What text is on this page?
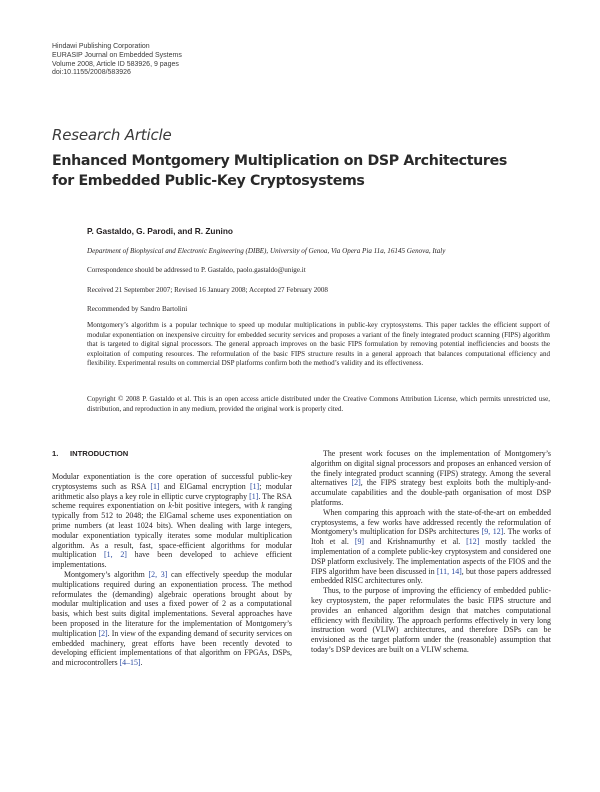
Hindawi Publishing Corporation
EURASIP Journal on Embedded Systems
Volume 2008, Article ID 583926, 9 pages
doi:10.1155/2008/583926
Research Article
Enhanced Montgomery Multiplication on DSP Architectures
for Embedded Public-Key Cryptosystems
P. Gastaldo, G. Parodi, and R. Zunino
Department of Biophysical and Electronic Engineering (DIBE), University of Genoa, Via Opera Pia 11a, 16145 Genova, Italy
Correspondence should be addressed to P. Gastaldo, paolo.gastaldo@unige.it
Received 21 September 2007; Revised 16 January 2008; Accepted 27 February 2008
Recommended by Sandro Bartolini
Montgomery’s algorithm is a popular technique to speed up modular multiplications in public-key cryptosystems. This paper tackles the efficient support of modular exponentiation on inexpensive circuitry for embedded security services and proposes a variant of the finely integrated product scanning (FIPS) algorithm that is targeted to digital signal processors. The general approach improves on the basic FIPS formulation by removing potential inefficiencies and boosts the exploitation of computing resources. The reformulation of the basic FIPS structure results in a general approach that balances computational efficiency and flexibility. Experimental results on commercial DSP platforms confirm both the method’s validity and its effectiveness.
Copyright © 2008 P. Gastaldo et al. This is an open access article distributed under the Creative Commons Attribution License, which permits unrestricted use, distribution, and reproduction in any medium, provided the original work is properly cited.
1. INTRODUCTION

Modular exponentiation is the core operation of successful public-key cryptosystems such as RSA [1] and ElGamal encryption [1]; modular arithmetic also plays a key role in elliptic curve cryptography [1]. The RSA scheme requires exponentiation on k-bit positive integers, with k ranging typically from 512 to 2048; the ElGamal scheme uses exponentiation on prime numbers (at least 1024 bits). When dealing with large integers, modular exponentiation typically iterates some modular multiplication algorithm. As a result, fast, space-efficient algorithms for modular multiplication [1, 2] have been developed to achieve efficient implementations.

Montgomery’s algorithm [2, 3] can effectively speedup the modular multiplications required during an exponentiation process. The method reformulates the (demanding) algebraic operations brought about by modular multiplication and uses a fixed power of 2 as a computational basis, which best suits digital implementations. Several approaches have been proposed in the literature for the implementation of Montgomery’s multiplication [2]. In view of the expanding demand of security services on embedded machinery, great efforts have been recently devoted to developing efficient implementations of that algorithm on FPGAs, DSPs, and microcontrollers [4–15].

The present work focuses on the implementation of Montgomery’s algorithm on digital signal processors and proposes an enhanced version of the finely integrated product scanning (FIPS) strategy. Among the several alternatives [2], the FIPS strategy best exploits both the multiply-and-accumulate capabilities and the double-path organisation of most DSP platforms.

When comparing this approach with the state-of-the-art on embedded cryptosystems, a few works have addressed recently the reformulation of Montgomery’s multiplication for DSPs architectures [9, 12]. The works of Itoh et al. [9] and Krishnamurthy et al. [12] mostly tackled the implementation of a complete public-key cryptosystem and considered one DSP platform exclusively. The implementation aspects of the FIOS and the FIPS algorithm have been discussed in [11, 14], but those papers addressed embedded RISC architectures only.

Thus, to the purpose of improving the efficiency of embedded public-key cryptosystem, the paper reformulates the basic FIPS structure and provides an enhanced algorithm design that matches computational efficiency with flexibility. The approach performs effectively in very long instruction word (VLIW) architectures, and therefore DSPs can be envisioned as the target platform under the (reasonable) assumption that today’s DSP devices are built on a VLIW schema.
